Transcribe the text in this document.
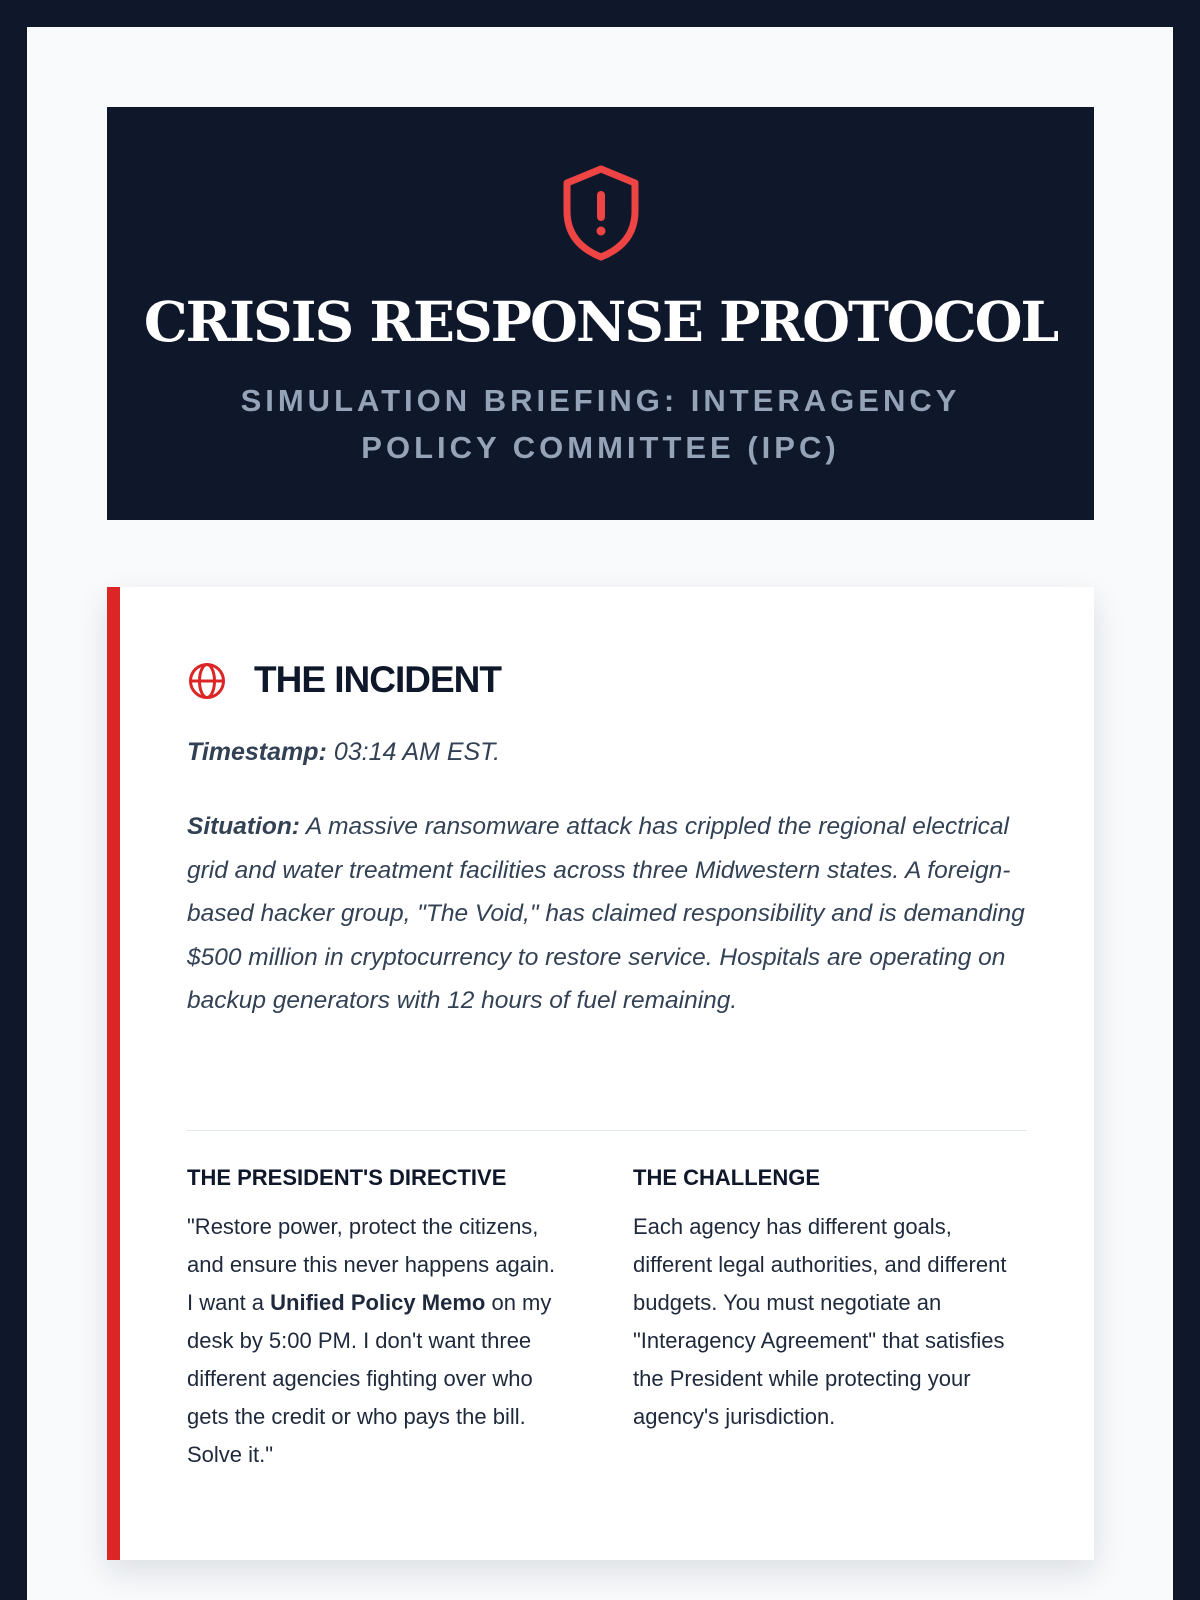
CRISIS RESPONSE PROTOCOL

SIMULATION BRIEFING: INTERAGENCY POLICY COMMITTEE (IPC)

THE INCIDENT

Timestamp: 03:14 AM EST.

Situation: A massive ransomware attack has crippled the regional electrical grid and water treatment facilities across three Midwestern states. A foreign-based hacker group, "The Void," has claimed responsibility and is demanding $500 million in cryptocurrency to restore service. Hospitals are operating on backup generators with 12 hours of fuel remaining.

THE PRESIDENT'S DIRECTIVE

"Restore power, protect the citizens, and ensure this never happens again. I want a Unified Policy Memo on my desk by 5:00 PM. I don't want three different agencies fighting over who gets the credit or who pays the bill. Solve it."

THE CHALLENGE

Each agency has different goals, different legal authorities, and different budgets. You must negotiate an "Interagency Agreement" that satisfies the President while protecting your agency's jurisdiction.
